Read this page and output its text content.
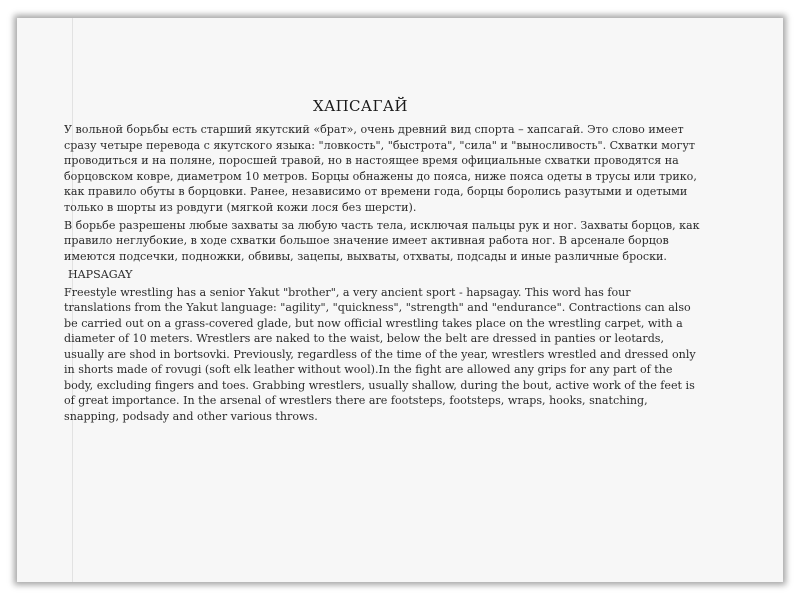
ХАПСАГАЙ

У вольной борьбы есть старший якутский «брат», очень древний вид спорта – хапсагай. Это слово имеет сразу четыре перевода с якутского языка: "ловкость", "быстрота", "сила" и "выносливость". Схватки могут проводиться и на поляне, поросшей травой, но в настоящее время официальные схватки проводятся на борцовском ковре, диаметром 10 метров. Борцы обнажены до пояса, ниже пояса одеты в трусы или трико, как правило обуты в борцовки. Ранее, независимо от времени года, борцы боролись разутыми и одетыми только в шорты из ровдуги (мягкой кожи лося без шерсти).

В борьбе разрешены любые захваты за любую часть тела, исключая пальцы рук и ног. Захваты борцов, как правило неглубокие, в ходе схватки большое значение имеет активная работа ног. В арсенале борцов имеются подсечки, подножки, обвивы, зацепы, выхваты, отхваты, подсады и иные различные броски.

HAPSAGAY

Freestyle wrestling has a senior Yakut "brother", a very ancient sport - hapsagay. This word has four translations from the Yakut language: "agility", "quickness", "strength" and "endurance". Contractions can also be carried out on a grass-covered glade, but now official wrestling takes place on the wrestling carpet, with a diameter of 10 meters. Wrestlers are naked to the waist, below the belt are dressed in panties or leotards, usually are shod in bortsovki. Previously, regardless of the time of the year, wrestlers wrestled and dressed only in shorts made of rovugi (soft elk leather without wool).In the fight are allowed any grips for any part of the body, excluding fingers and toes. Grabbing wrestlers, usually shallow, during the bout, active work of the feet is of great importance. In the arsenal of wrestlers there are footsteps, footsteps, wraps, hooks, snatching, snapping, podsady and other various throws.
